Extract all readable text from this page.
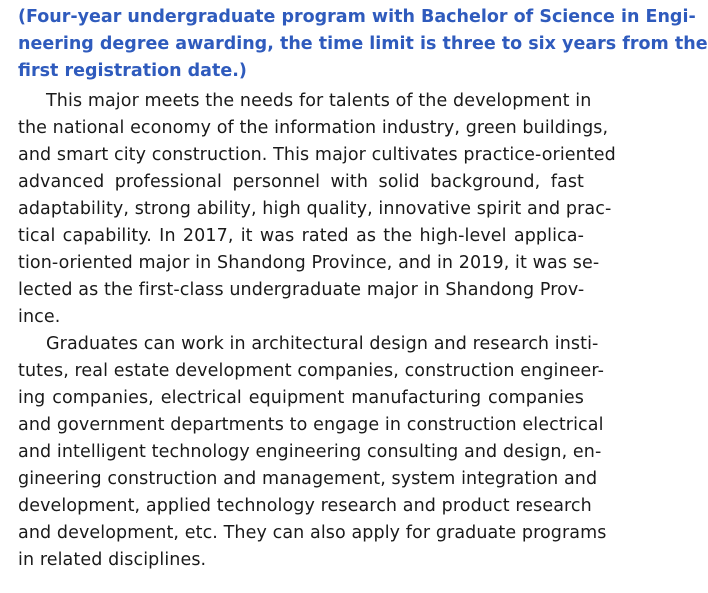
(Four-year undergraduate program with Bachelor of Science in Engi-
neering degree awarding, the time limit is three to six years from the
first registration date.)
This major meets the needs for talents of the development in
the national economy of the information industry, green buildings,
and smart city construction. This major cultivates practice-oriented
advanced professional personnel with solid background, fast
adaptability, strong ability, high quality, innovative spirit and prac-
tical capability. In 2017, it was rated as the high-level applica-
tion-oriented major in Shandong Province, and in 2019, it was se-
lected as the first-class undergraduate major in Shandong Prov-
ince.
Graduates can work in architectural design and research insti-
tutes, real estate development companies, construction engineer-
ing companies, electrical equipment manufacturing companies
and government departments to engage in construction electrical
and intelligent technology engineering consulting and design, en-
gineering construction and management, system integration and
development, applied technology research and product research
and development, etc. They can also apply for graduate programs
in related disciplines.
